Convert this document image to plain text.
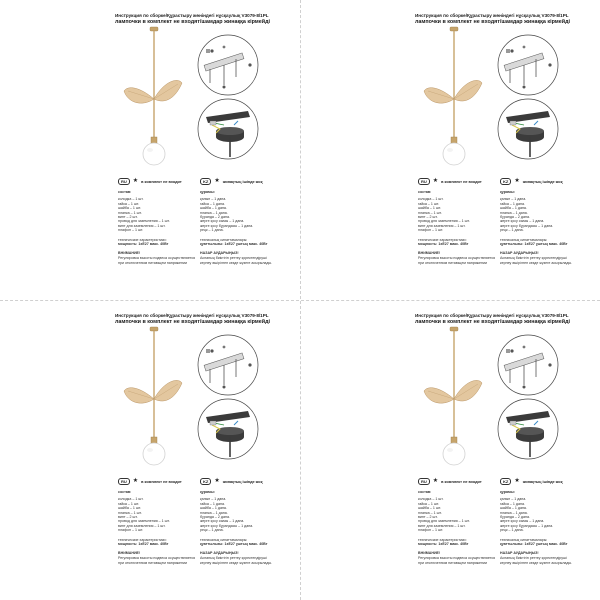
Инструкция по сборке/Құрастыру жөніндегі нұсқаулық V3079-8/1PL
лампочки в комплект не входят/шамдар жинаққа кірмейді
RU	★ в комплект не входит	KZ	★ жинақтың ішінде жоқ
состав:
колодка – 1 шт.
гайка – 1 шт.
шайба – 1 шт.
планка – 1 шт.
винт – 2 шт.
провод для заземления – 1 шт.
винт для заземления – 1 шт.
плафон – 1 шт.
технические характеристики:
мощность: 1хE27 макс. 40Вт
ВНИМАНИЕ!
Регулировка высоты подвеса осуществляется
при отключенном питающем напряжении
құрамы:
қалып – 1 дана.
гайка – 1 дана.
шайба – 1 дана.
планка – 1 дана.
бұранда – 2 дана.
жерге қосу сымы – 1 дана.
жерге қосу бұрандасы – 1 дана.
реңк – 1 дана.
техникалық сипаттамалары:
қуаттылығы: 1хE27 ұштың макс. 40Вт
НАЗАР АУДАРЫҢЫЗ!
Аспаның биіктігін реттеу қоректендіруші
кернеу өшірілген кезде жүзеге асырылады.
Инструкция по сборке/Құрастыру жөніндегі нұсқаулық V3079-8/1PL
лампочки в комплект не входят/шамдар жинаққа кірмейді
RU	★ в комплект не входит	KZ	★ жинақтың ішінде жоқ
состав:
колодка – 1 шт.
гайка – 1 шт.
шайба – 1 шт.
планка – 1 шт.
винт – 2 шт.
провод для заземления – 1 шт.
винт для заземления – 1 шт.
плафон – 1 шт.
технические характеристики:
мощность: 1хE27 макс. 40Вт
ВНИМАНИЕ!
Регулировка высоты подвеса осуществляется
при отключенном питающем напряжении
құрамы:
қалып – 1 дана.
гайка – 1 дана.
шайба – 1 дана.
планка – 1 дана.
бұранда – 2 дана.
жерге қосу сымы – 1 дана.
жерге қосу бұрандасы – 1 дана.
реңк – 1 дана.
техникалық сипаттамалары:
қуаттылығы: 1хE27 ұштың макс. 40Вт
НАЗАР АУДАРЫҢЫЗ!
Аспаның биіктігін реттеу қоректендіруші
кернеу өшірілген кезде жүзеге асырылады.
Инструкция по сборке/Құрастыру жөніндегі нұсқаулық V3079-8/1PL
лампочки в комплект не входят/шамдар жинаққа кірмейді
RU	★ в комплект не входит	KZ	★ жинақтың ішінде жоқ
состав:
колодка – 1 шт.
гайка – 1 шт.
шайба – 1 шт.
планка – 1 шт.
винт – 2 шт.
провод для заземления – 1 шт.
винт для заземления – 1 шт.
плафон – 1 шт.
технические характеристики:
мощность: 1хE27 макс. 40Вт
ВНИМАНИЕ!
Регулировка высоты подвеса осуществляется
при отключенном питающем напряжении
құрамы:
қалып – 1 дана.
гайка – 1 дана.
шайба – 1 дана.
планка – 1 дана.
бұранда – 2 дана.
жерге қосу сымы – 1 дана.
жерге қосу бұрандасы – 1 дана.
реңк – 1 дана.
техникалық сипаттамалары:
қуаттылығы: 1хE27 ұштың макс. 40Вт
НАЗАР АУДАРЫҢЫЗ!
Аспаның биіктігін реттеу қоректендіруші
кернеу өшірілген кезде жүзеге асырылады.
Инструкция по сборке/Құрастыру жөніндегі нұсқаулық V3079-8/1PL
лампочки в комплект не входят/шамдар жинаққа кірмейді
RU	★ в комплект не входит	KZ	★ жинақтың ішінде жоқ
состав:
колодка – 1 шт.
гайка – 1 шт.
шайба – 1 шт.
планка – 1 шт.
винт – 2 шт.
провод для заземления – 1 шт.
винт для заземления – 1 шт.
плафон – 1 шт.
технические характеристики:
мощность: 1хE27 макс. 40Вт
ВНИМАНИЕ!
Регулировка высоты подвеса осуществляется
при отключенном питающем напряжении
құрамы:
қалып – 1 дана.
гайка – 1 дана.
шайба – 1 дана.
планка – 1 дана.
бұранда – 2 дана.
жерге қосу сымы – 1 дана.
жерге қосу бұрандасы – 1 дана.
реңк – 1 дана.
техникалық сипаттамалары:
қуаттылығы: 1хE27 ұштың макс. 40Вт
НАЗАР АУДАРЫҢЫЗ!
Аспаның биіктігін реттеу қоректендіруші
кернеу өшірілген кезде жүзеге асырылады.
